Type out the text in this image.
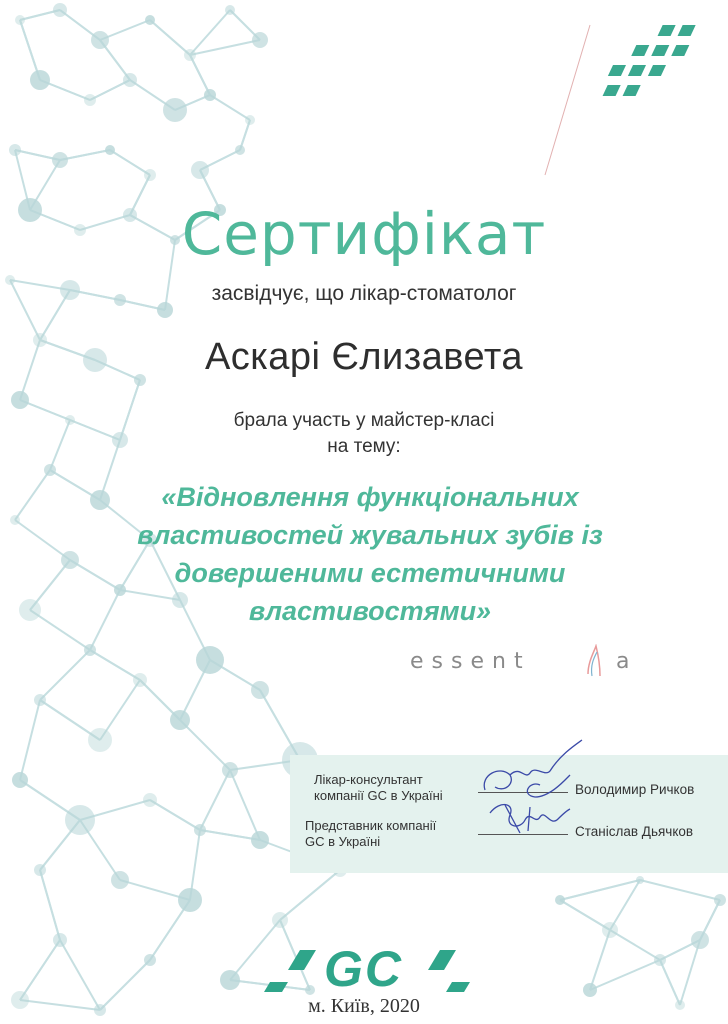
Сертифікат
засвідчує, що лікар-стоматолог
Аскарі Єлизавета
брала участь у майстер-класі
на тему:
«Відновлення функціональних
властивостей жувальних зубів із
довершеними естетичними
властивостями»
essent	a
Лікар-консультант
компанії GC в Україні	Володимир Ричков
Представник компанії
GC в Україні
Станіслав Дьячков
GC
м. Київ, 2020
